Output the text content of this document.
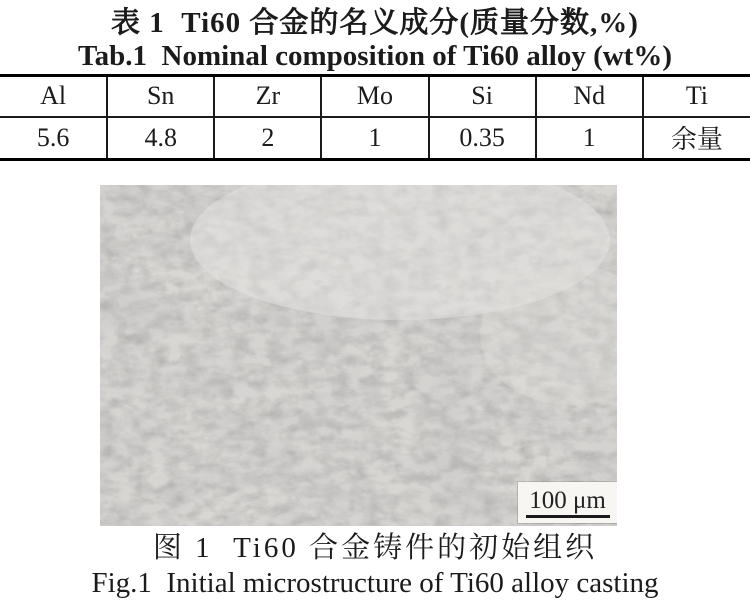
表 1  Ti60 合金的名义成分(质量分数,%)
Tab.1  Nominal composition of Ti60 alloy (wt%)
Al	Sn	Zr	Mo	Si	Nd	Ti
5.6	4.8	2	1	0.35	1	余量
100 μm
图 1  Ti60 合金铸件的初始组织
Fig.1  Initial microstructure of Ti60 alloy casting
